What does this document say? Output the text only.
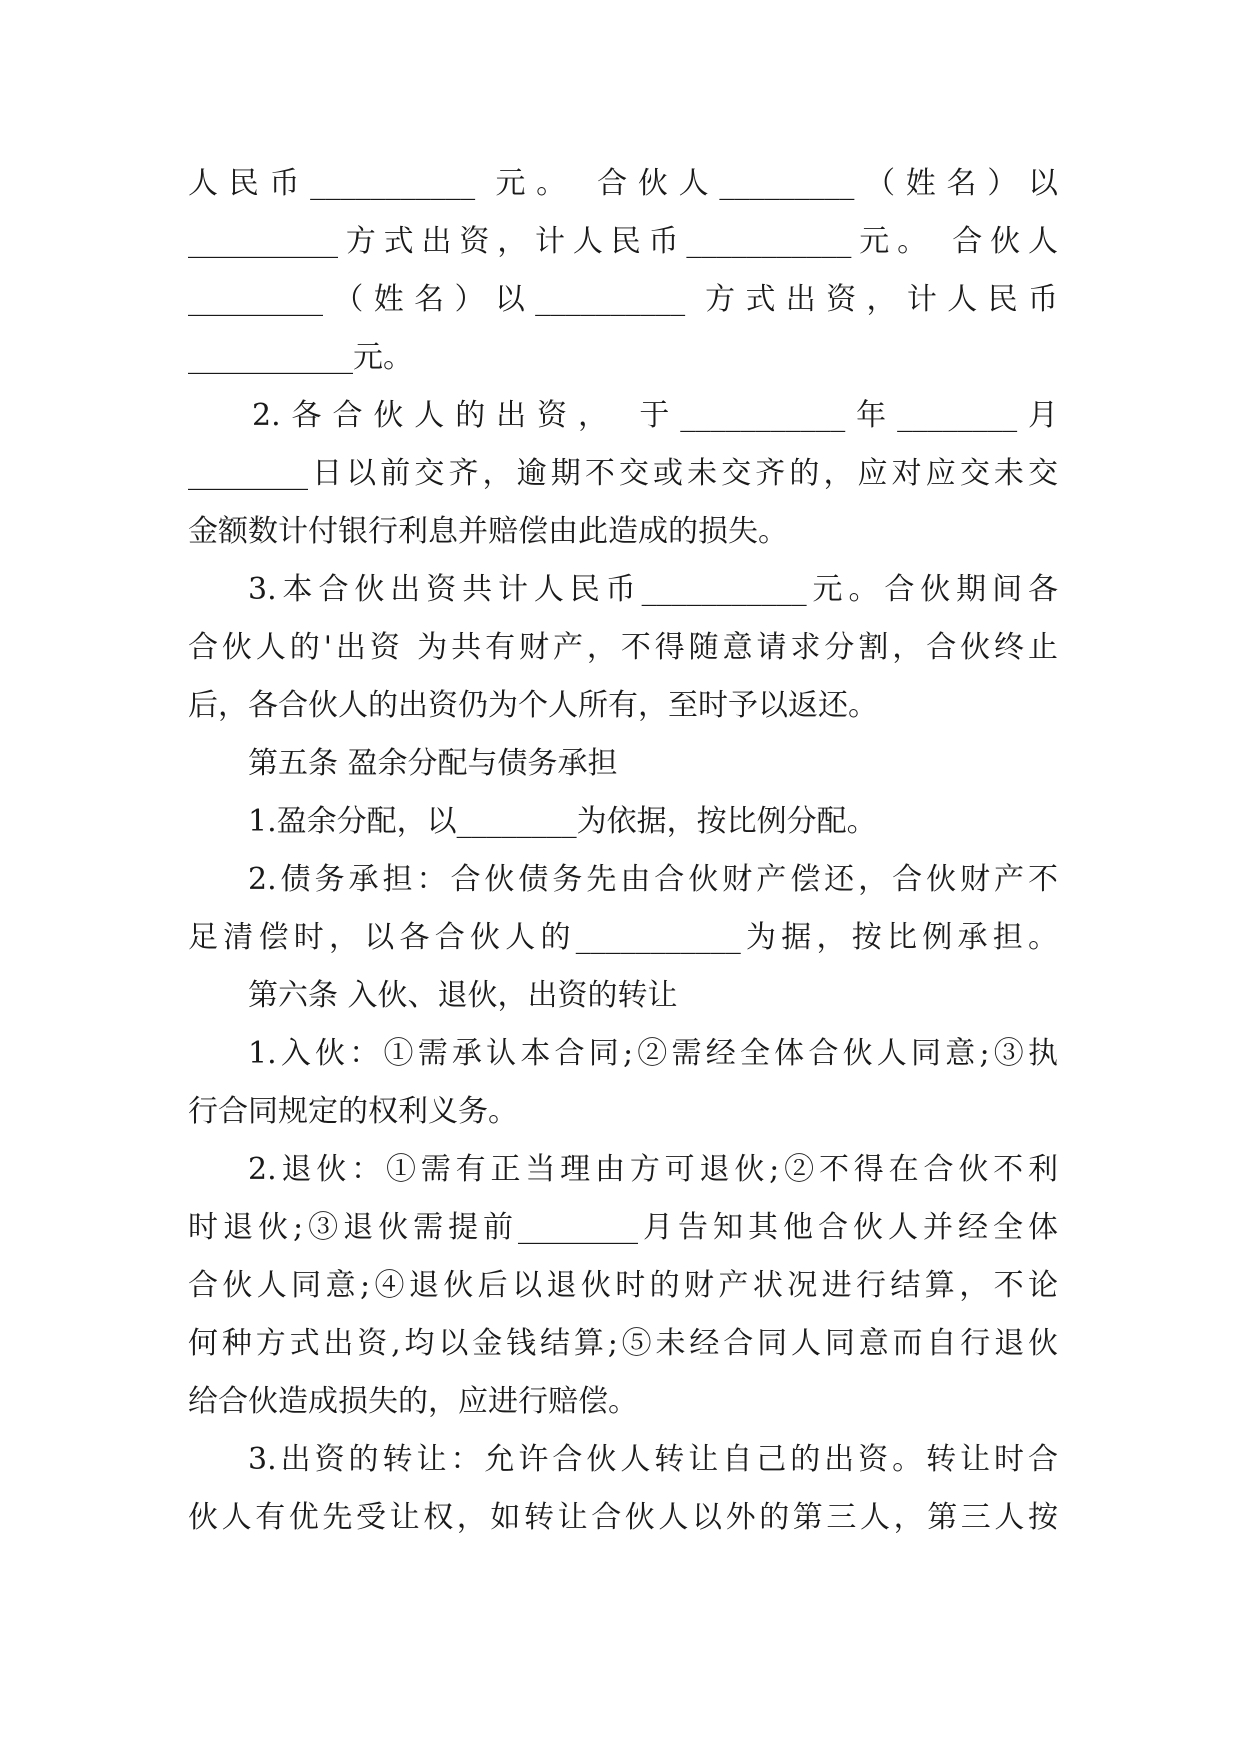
人民币___________ 元。 合伙人_________（姓名）以
__________方式出资，计人民币___________元。 合伙人
_________（姓名）以__________ 方式出资，计人民币
___________元。
2.各合伙人的出资， 于___________年________月
________日以前交齐，逾期不交或未交齐的，应对应交未交
金额数计付银行利息并赔偿由此造成的损失。
3.本合伙出资共计人民币___________元。合伙期间各
合伙人的'出资 为共有财产，不得随意请求分割，合伙终止
后，各合伙人的出资仍为个人所有，至时予以返还。
第五条 盈余分配与债务承担
1.盈余分配，以________为依据，按比例分配。
2.债务承担：合伙债务先由合伙财产偿还，合伙财产不
足清偿时，以各合伙人的___________为据，按比例承担。
第六条 入伙、退伙，出资的转让
1.入伙：①需承认本合同;②需经全体合伙人同意;③执
行合同规定的权利义务。
2.退伙：①需有正当理由方可退伙;②不得在合伙不利
时退伙;③退伙需提前________月告知其他合伙人并经全体
合伙人同意;④退伙后以退伙时的财产状况进行结算，不论
何种方式出资,均以金钱结算;⑤未经合同人同意而自行退伙
给合伙造成损失的，应进行赔偿。
3.出资的转让：允许合伙人转让自己的出资。转让时合
伙人有优先受让权，如转让合伙人以外的第三人，第三人按
